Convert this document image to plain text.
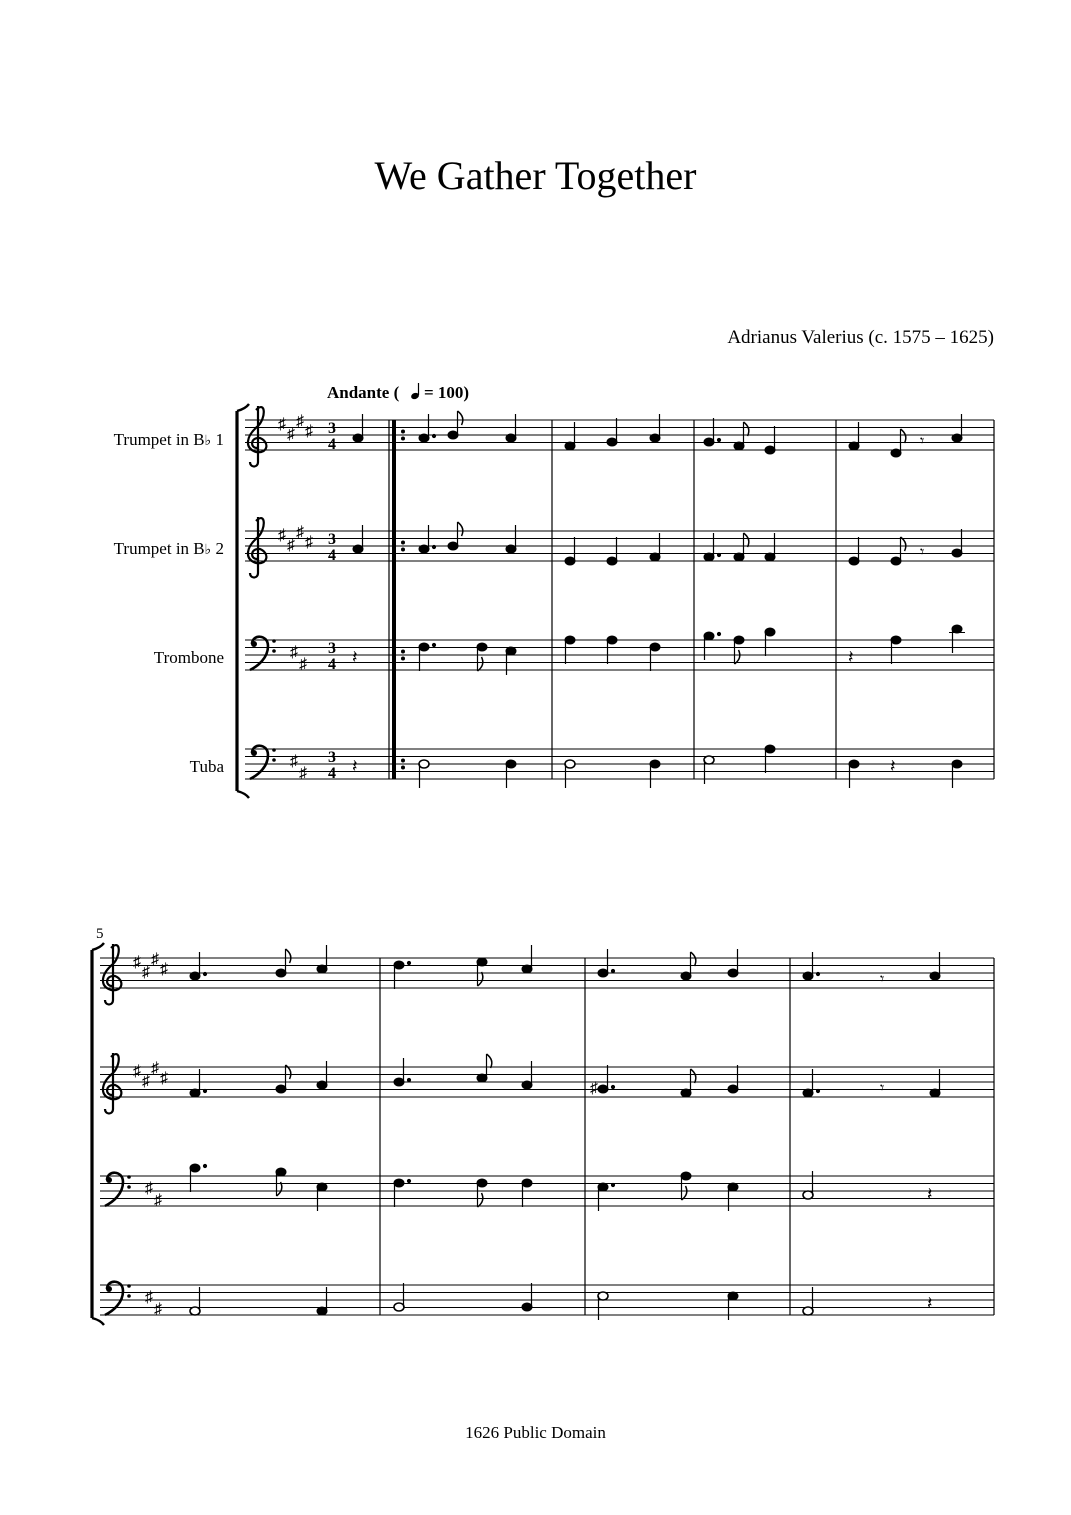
We Gather Together
Adrianus Valerius (c. 1575 – 1625)
1626 Public Domain
Trumpet in B♭ 1
Trumpet in B♭ 2
Trombone
Tuba
Andante ( = 100)
♯
♯
♯
♯
♯
♯
♯
♯
♯
♯
♯
♯
3
4
3
4
3
4
3
4
𝄾
𝄾
𝄽	𝄽
𝄽	𝄽
5
♯
♯
♯
♯
♯
♯
♯
♯
♯
♯
♯
♯
𝄾
♯	𝄾
𝄽
𝄽
